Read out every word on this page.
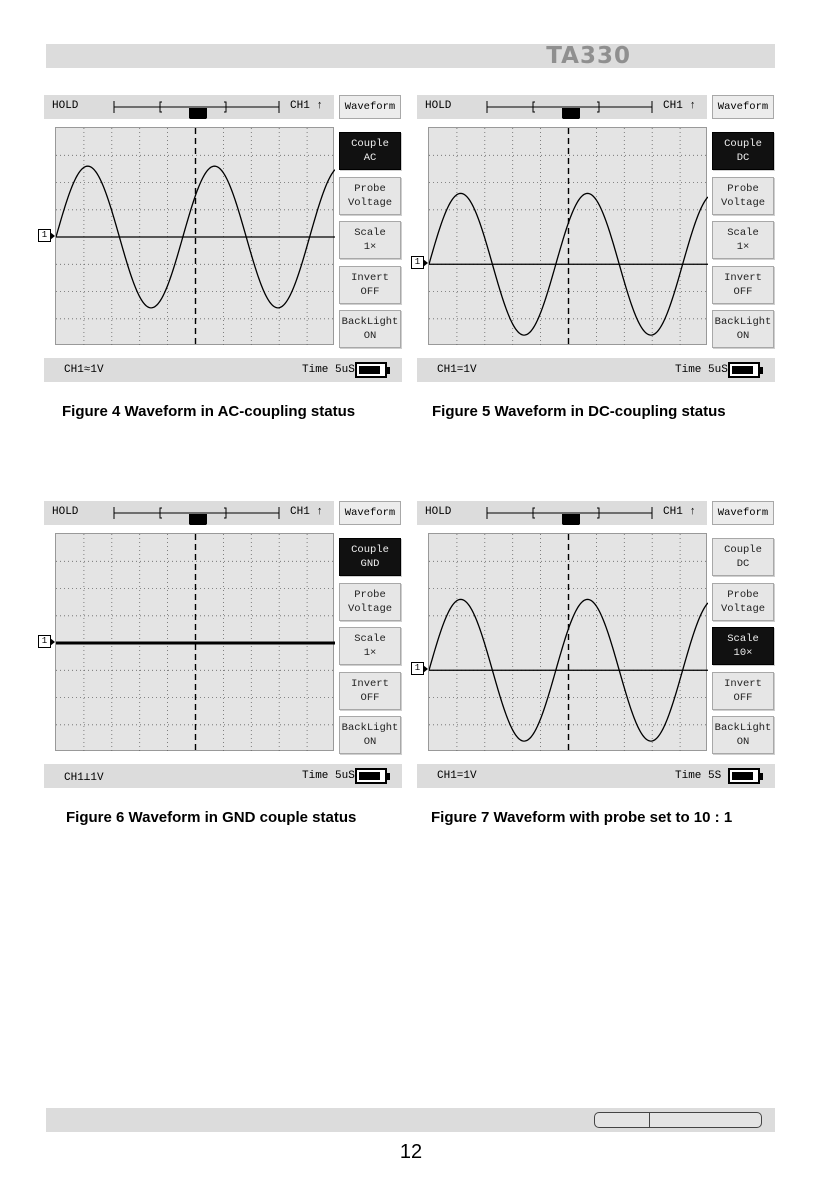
TA330
HOLD	CH1 ↑
1
Waveform
Couple
AC
Probe
Voltage
Scale
1×
Invert
OFF
BackLight
ON
CH1≈1V	Time 5uS
Figure 4 Waveform in AC-coupling status
HOLD	CH1 ↑
1
Waveform
Couple
DC
Probe
Voltage
Scale
1×
Invert
OFF
BackLight
ON
CH1=1V	Time 5uS
Figure 5 Waveform in DC-coupling status
HOLD	CH1 ↑
1
Waveform
Couple
GND
Probe
Voltage
Scale
1×
Invert
OFF
BackLight
ON
CH1⊥1V	Time 5uS
Figure 6 Waveform in GND couple status
HOLD	CH1 ↑
1
Waveform
Couple
DC
Probe
Voltage
Scale
10×
Invert
OFF
BackLight
ON
CH1=1V	Time 5S
Figure 7 Waveform with probe set to 10 : 1
12
